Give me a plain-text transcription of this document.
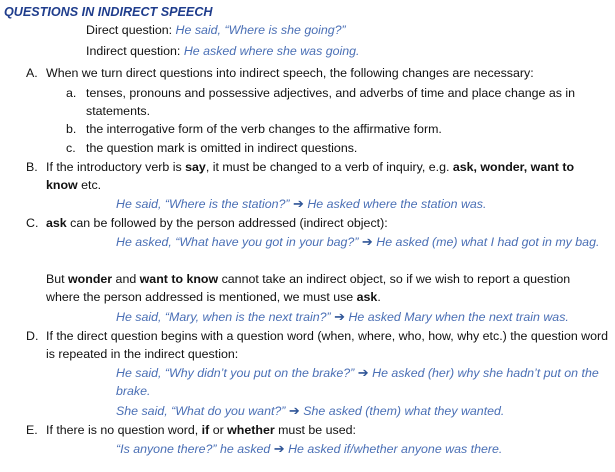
QUESTIONS IN INDIRECT SPEECH
Direct question: He said, “Where is she going?”
Indirect question: He asked where she was going.
A. When we turn direct questions into indirect speech, the following changes are necessary:
a. tenses, pronouns and possessive adjectives, and adverbs of time and place change as in statements.
b. the interrogative form of the verb changes to the affirmative form.
c. the question mark is omitted in indirect questions.
B. If the introductory verb is say, it must be changed to a verb of inquiry, e.g. ask, wonder, want to know etc.
He said, “Where is the station?” ➔ He asked where the station was.
C. ask can be followed by the person addressed (indirect object):
He asked, “What have you got in your bag?” ➔ He asked (me) what I had got in my bag.
But wonder and want to know cannot take an indirect object, so if we wish to report a question where the person addressed is mentioned, we must use ask.
He said, “Mary, when is the next train?” ➔ He asked Mary when the next train was.
D. If the direct question begins with a question word (when, where, who, how, why etc.) the question word is repeated in the indirect question:
He said, “Why didn’t you put on the brake?” ➔ He asked (her) why she hadn’t put on the brake.
She said, “What do you want?” ➔ She asked (them) what they wanted.
E. If there is no question word, if or whether must be used:
“Is anyone there?” he asked ➔ He asked if/whether anyone was there.
